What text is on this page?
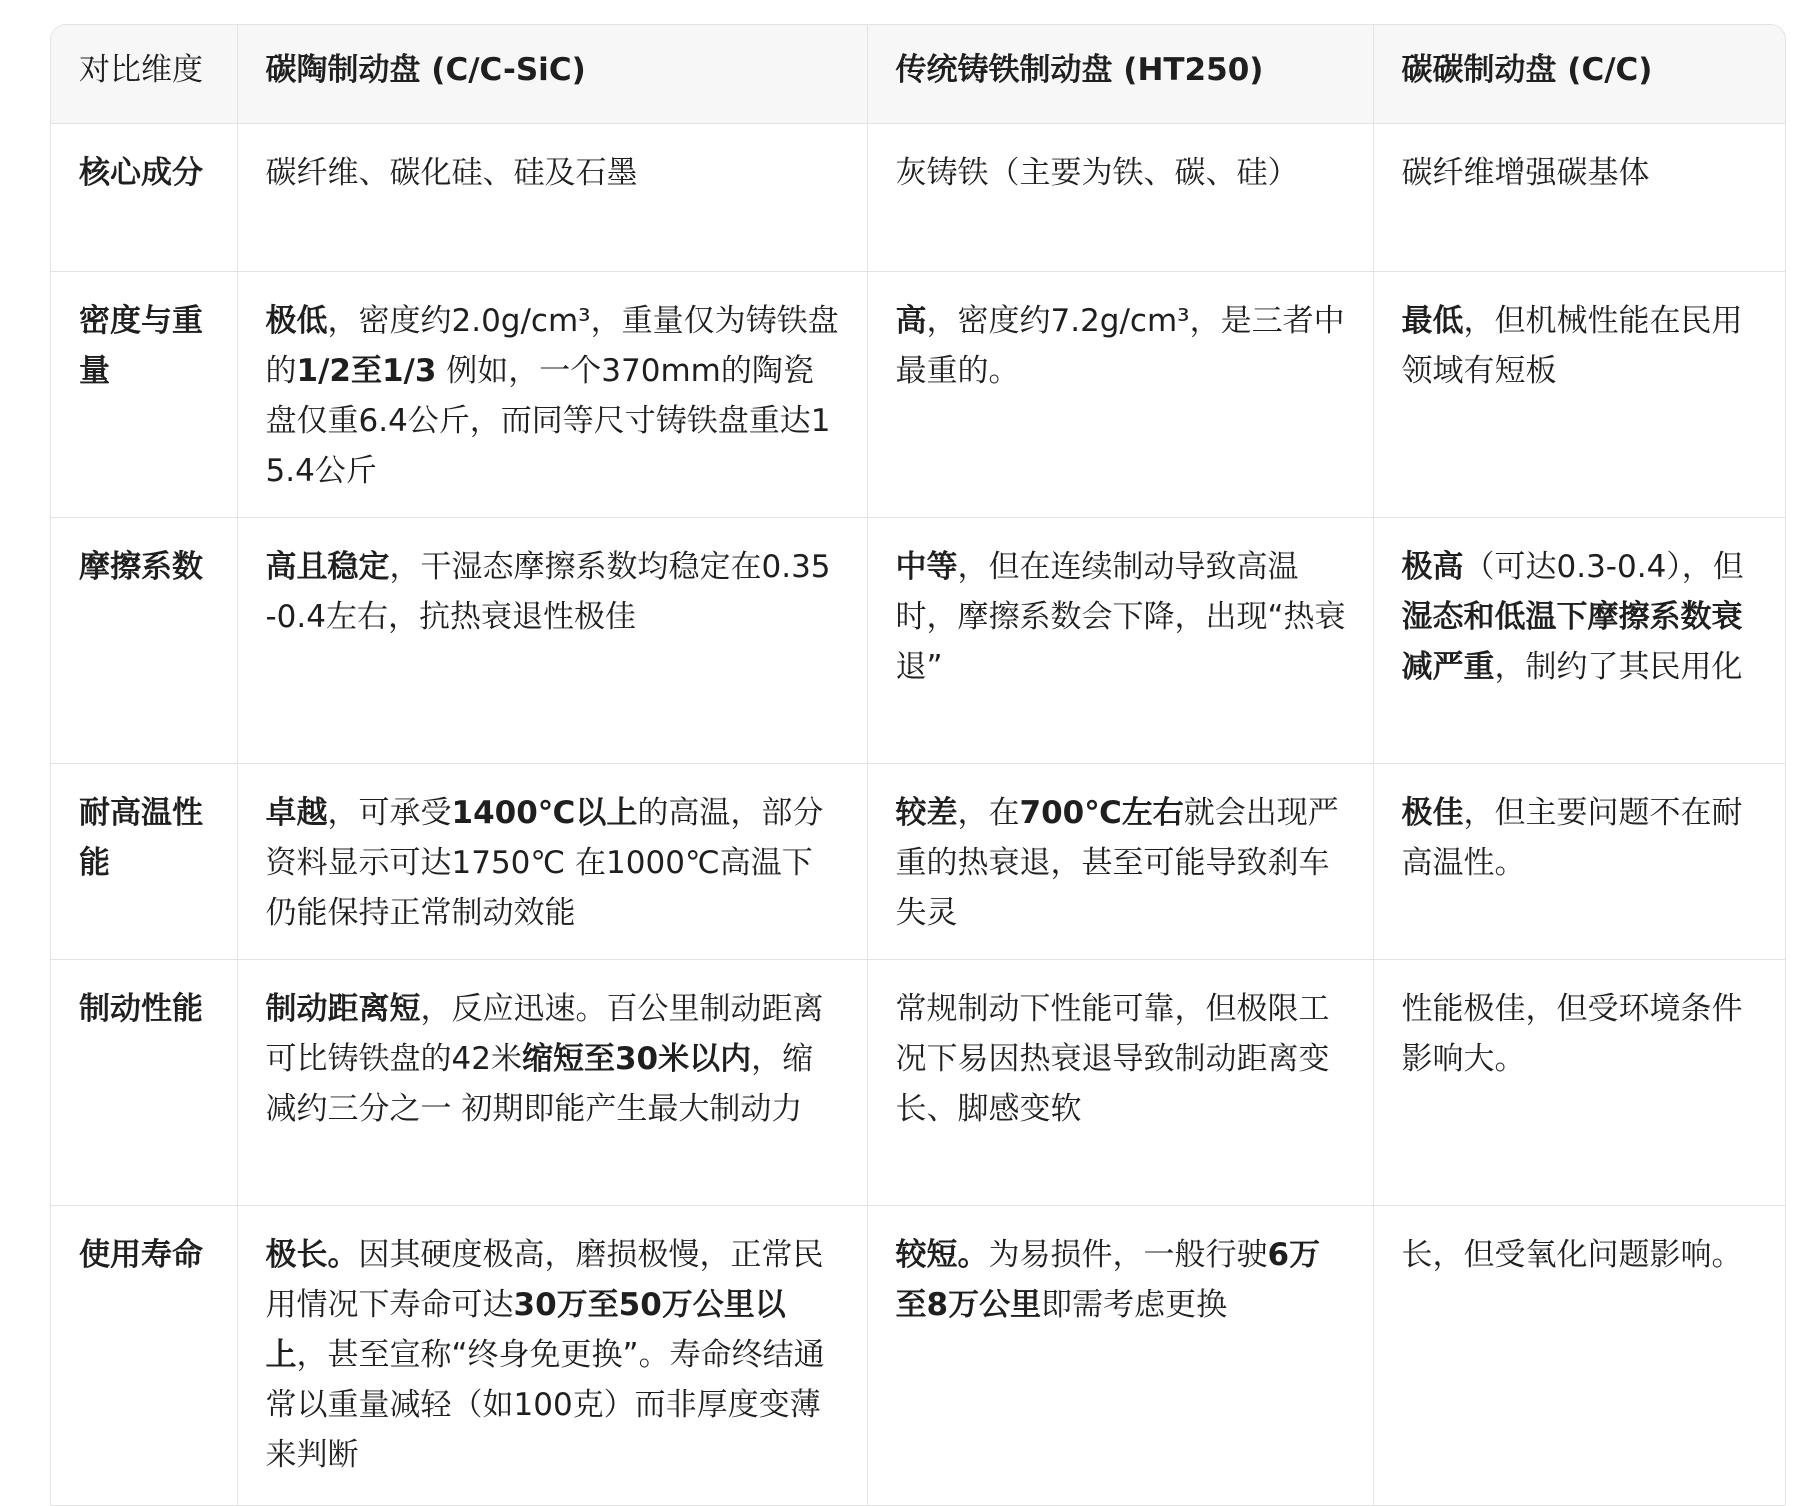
对比维度	碳陶制动盘 (C/C-SiC)	传统铸铁制动盘 (HT250)	碳碳制动盘 (C/C)
核心成分	碳纤维、碳化硅、硅及石墨	灰铸铁（主要为铁、碳、硅）	碳纤维增强碳基体
密度与重量	极低，密度约2.0g/cm³，重量仅为铸铁盘的1/2至1/3 例如，一个370mm的陶瓷盘仅重6.4公斤，而同等尺寸铸铁盘重达15.4公斤	高，密度约7.2g/cm³，是三者中最重的。	最低，但机械性能在民用领域有短板
摩擦系数	高且稳定，干湿态摩擦系数均稳定在0.35-0.4左右，抗热衰退性极佳	中等，但在连续制动导致高温时，摩擦系数会下降，出现“热衰退”	极高（可达0.3-0.4），但湿态和低温下摩擦系数衰减严重，制约了其民用化
耐高温性能	卓越，可承受1400℃以上的高温，部分资料显示可达1750℃ 在1000℃高温下仍能保持正常制动效能	较差，在700℃左右就会出现严重的热衰退，甚至可能导致刹车失灵	极佳，但主要问题不在耐高温性。
制动性能	制动距离短，反应迅速。百公里制动距离可比铸铁盘的42米缩短至30米以内，缩减约三分之一 初期即能产生最大制动力	常规制动下性能可靠，但极限工况下易因热衰退导致制动距离变长、脚感变软	性能极佳，但受环境条件影响大。
使用寿命	极长。因其硬度极高，磨损极慢，正常民用情况下寿命可达30万至50万公里以上，甚至宣称“终身免更换”。寿命终结通常以重量减轻（如100克）而非厚度变薄来判断	较短。为易损件，一般行驶6万至8万公里即需考虑更换	长，但受氧化问题影响。
